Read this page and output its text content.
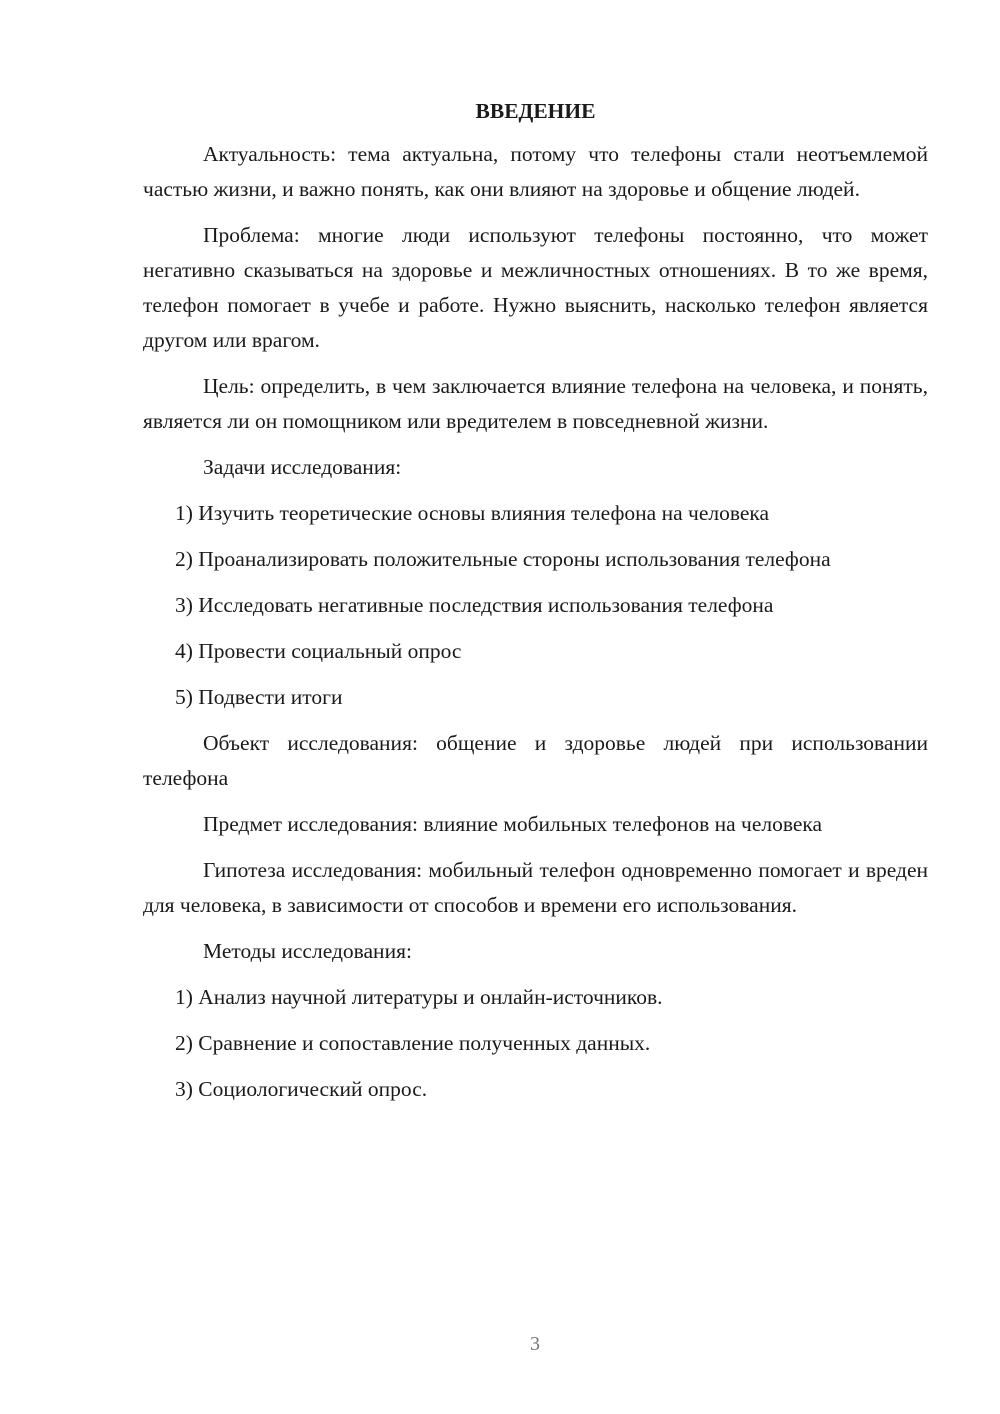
ВВЕДЕНИЕ

Актуальность: тема актуальна, потому что телефоны стали неотъемлемой частью жизни, и важно понять, как они влияют на здоровье и общение людей.

Проблема: многие люди используют телефоны постоянно, что может негативно сказываться на здоровье и межличностных отношениях. В то же время, телефон помогает в учебе и работе. Нужно выяснить, насколько телефон является другом или врагом.

Цель: определить, в чем заключается влияние телефона на человека, и понять, является ли он помощником или вредителем в повседневной жизни.

Задачи исследования:

1) Изучить теоретические основы влияния телефона на человека

2) Проанализировать положительные стороны использования телефона

3) Исследовать негативные последствия использования телефона

4) Провести социальный опрос

5) Подвести итоги

Объект исследования: общение и здоровье людей при использовании телефона

Предмет исследования: влияние мобильных телефонов на человека

Гипотеза исследования: мобильный телефон одновременно помогает и вреден для человека, в зависимости от способов и времени его использования.

Методы исследования:

1) Анализ научной литературы и онлайн-источников.

2) Сравнение и сопоставление полученных данных.

3) Социологический опрос.

3
